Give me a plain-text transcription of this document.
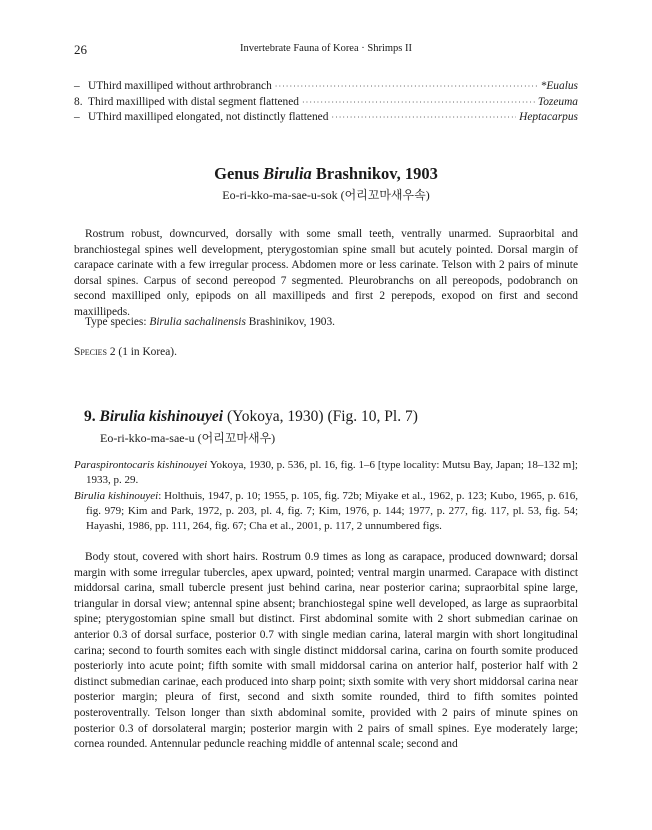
26	Invertebrate Fauna of Korea · Shrimps II
– UThird maxilliped without arthrobranch ·····	*Eualus
8. Third maxilliped with distal segment flattened ·····	Tozeuma
– UThird maxilliped elongated, not distinctly flattened ·····	Heptacarpus
Genus Birulia Brashnikov, 1903
Eo-ri-kko-ma-sae-u-sok (어리꼬마새우속)
Rostrum robust, downcurved, dorsally with some small teeth, ventrally unarmed. Supraorbital and branchiostegal spines well development, pterygostomian spine small but acutely pointed. Dorsal margin of carapace carinate with a few irregular process. Abdomen more or less carinate. Telson with 2 pairs of minute dorsal spines. Carpus of second pereopod 7 segmented. Pleurobranchs on all pereopods, podobranch on second maxilliped only, epipods on all maxillipeds and first 2 perepods, exopod on first and second maxillipeds.
Type species: Birulia sachalinensis Brashinikov, 1903.
Species 2 (1 in Korea).
9. Birulia kishinouyei (Yokoya, 1930) (Fig. 10, Pl. 7)
Eo-ri-kko-ma-sae-u (어리꼬마새우)

Paraspirontocaris kishinouyei Yokoya, 1930, p. 536, pl. 16, fig. 1–6 [type locality: Mutsu Bay, Japan; 18–132 m]; 1933, p. 29.

Birulia kishinouyei: Holthuis, 1947, p. 10; 1955, p. 105, fig. 72b; Miyake et al., 1962, p. 123; Kubo, 1965, p. 616, fig. 979; Kim and Park, 1972, p. 203, pl. 4, fig. 7; Kim, 1976, p. 144; 1977, p. 277, fig. 117, pl. 53, fig. 54; Hayashi, 1986, pp. 111, 264, fig. 67; Cha et al., 2001, p. 117, 2 unnumbered figs.

Body stout, covered with short hairs. Rostrum 0.9 times as long as carapace, produced downward; dorsal margin with some irregular tubercles, apex upward, pointed; ventral margin unarmed. Carapace with distinct middorsal carina, small tubercle present just behind carina, near posterior carina; supraorbital spine large, triangular in dorsal view; antennal spine absent; branchiostegal spine well developed, as large as supraorbital spine; pterygostomian spine small but distinct. First abdominal somite with 2 short submedian carinae on anterior 0.3 of dorsal surface, posterior 0.7 with single median carina, lateral margin with short longitudinal carina; second to fourth somites each with single distinct middorsal carina, carina on fourth somite produced posteriorly into acute point; fifth somite with small middorsal carina on anterior half, posterior half with 2 distinct submedian carinae, each produced into sharp point; sixth somite with very short middorsal carina near posterior margin; pleura of first, second and sixth somite rounded, third to fifth somites pointed posteroventrally. Telson longer than sixth abdominal somite, provided with 2 pairs of minute spines on posterior 0.3 of dorsolateral margin; posterior margin with 2 pairs of small spines. Eye moderately large; cornea rounded. Antennular peduncle reaching middle of antennal scale; second and
